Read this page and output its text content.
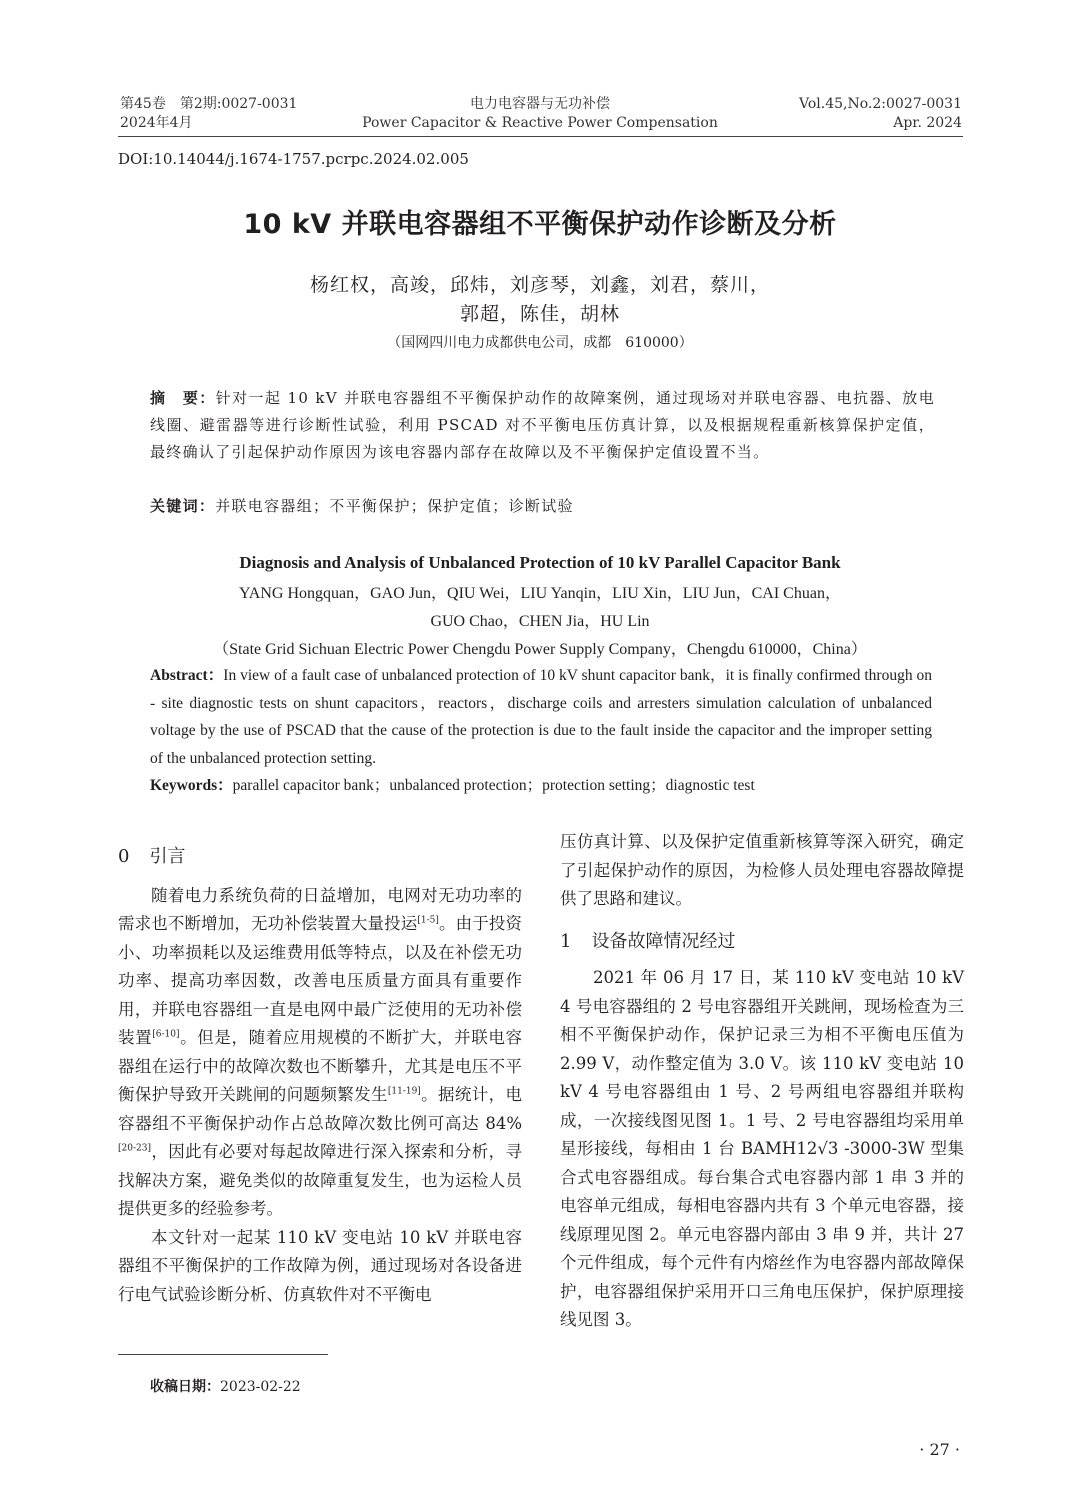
第45卷　第2期:0027-0031
2024年4月
电力电容器与无功补偿
Power Capacitor & Reactive Power Compensation
Vol.45,No.2:0027-0031
Apr. 2024
DOI:10.14044/j.1674-1757.pcrpc.2024.02.005
10 kV 并联电容器组不平衡保护动作诊断及分析
杨红权，高竣，邱炜，刘彦琴，刘鑫，刘君，蔡川，
郭超，陈佳，胡林
（国网四川电力成都供电公司，成都　610000）
摘　要：针对一起 10 kV 并联电容器组不平衡保护动作的故障案例，通过现场对并联电容器、电抗器、放电线圈、避雷器等进行诊断性试验，利用 PSCAD 对不平衡电压仿真计算，以及根据规程重新核算保护定值，最终确认了引起保护动作原因为该电容器内部存在故障以及不平衡保护定值设置不当。
关键词：并联电容器组；不平衡保护；保护定值；诊断试验
Diagnosis and Analysis of Unbalanced Protection of 10 kV Parallel Capacitor Bank
YANG Hongquan，GAO Jun，QIU Wei，LIU Yanqin，LIU Xin，LIU Jun，CAI Chuan，
GUO Chao，CHEN Jia，HU Lin
（State Grid Sichuan Electric Power Chengdu Power Supply Company，Chengdu 610000，China）
Abstract：In view of a fault case of unbalanced protection of 10 kV shunt capacitor bank，it is finally confirmed through on - site diagnostic tests on shunt capacitors，reactors，discharge coils and arresters simulation calculation of unbalanced voltage by the use of PSCAD that the cause of the protection is due to the fault inside the capacitor and the improper setting of the unbalanced protection setting.
Keywords：parallel capacitor bank；unbalanced protection；protection setting；diagnostic test
0 引言

随着电力系统负荷的日益增加，电网对无功功率的需求也不断增加，无功补偿装置大量投运[1-5]。由于投资小、功率损耗以及运维费用低等特点，以及在补偿无功功率、提高功率因数，改善电压质量方面具有重要作用，并联电容器组一直是电网中最广泛使用的无功补偿装置[6-10]。但是，随着应用规模的不断扩大，并联电容器组在运行中的故障次数也不断攀升，尤其是电压不平衡保护导致开关跳闸的问题频繁发生[11-19]。据统计，电容器组不平衡保护动作占总故障次数比例可高达 84%[20-23]，因此有必要对每起故障进行深入探索和分析，寻找解决方案，避免类似的故障重复发生，也为运检人员提供更多的经验参考。

本文针对一起某 110 kV 变电站 10 kV 并联电容器组不平衡保护的工作故障为例，通过现场对各设备进行电气试验诊断分析、仿真软件对不平衡电

压仿真计算、以及保护定值重新核算等深入研究，确定了引起保护动作的原因，为检修人员处理电容器故障提供了思路和建议。

1 设备故障情况经过

2021 年 06 月 17 日，某 110 kV 变电站 10 kV 4 号电容器组的 2 号电容器组开关跳闸，现场检查为三相不平衡保护动作，保护记录三为相不平衡电压值为 2.99 V，动作整定值为 3.0 V。该 110 kV 变电站 10 kV 4 号电容器组由 1 号、2 号两组电容器组并联构成，一次接线图见图 1。1 号、2 号电容器组均采用单星形接线，每相由 1 台 BAMH12√3 -3000-3W 型集合式电容器组成。每台集合式电容器内部 1 串 3 并的电容单元组成，每相电容器内共有 3 个单元电容器，接线原理见图 2。单元电容器内部由 3 串 9 并，共计 27 个元件组成，每个元件有内熔丝作为电容器内部故障保护，电容器组保护采用开口三角电压保护，保护原理接线见图 3。

收稿日期：2023-02-22
· 27 ·
